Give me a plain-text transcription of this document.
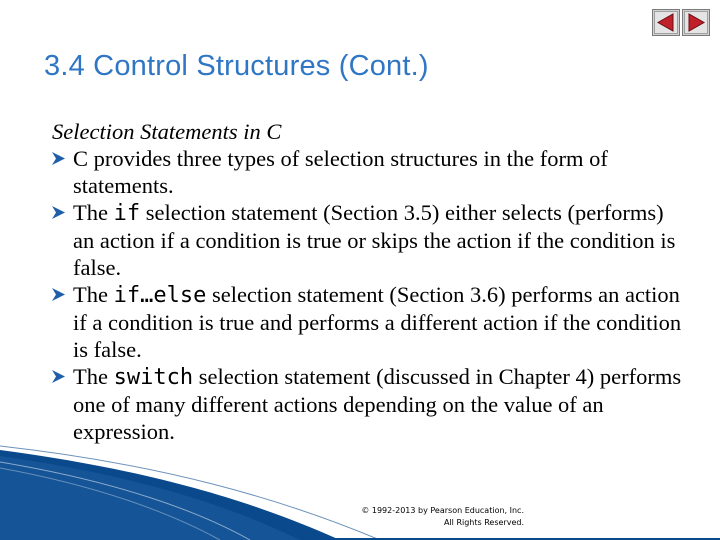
3.4 Control Structures (Cont.)
Selection Statements in C
C provides three types of selection structures in the form of statements.
The if selection statement (Section 3.5) either selects (performs) an action if a condition is true or skips the action if the condition is false.
The if…else selection statement (Section 3.6) performs an action if a condition is true and performs a different action if the condition is false.
The switch selection statement (discussed in Chapter 4) performs one of many different actions depending on the value of an expression.
© 1992-2013 by Pearson Education, Inc.
All Rights Reserved.
